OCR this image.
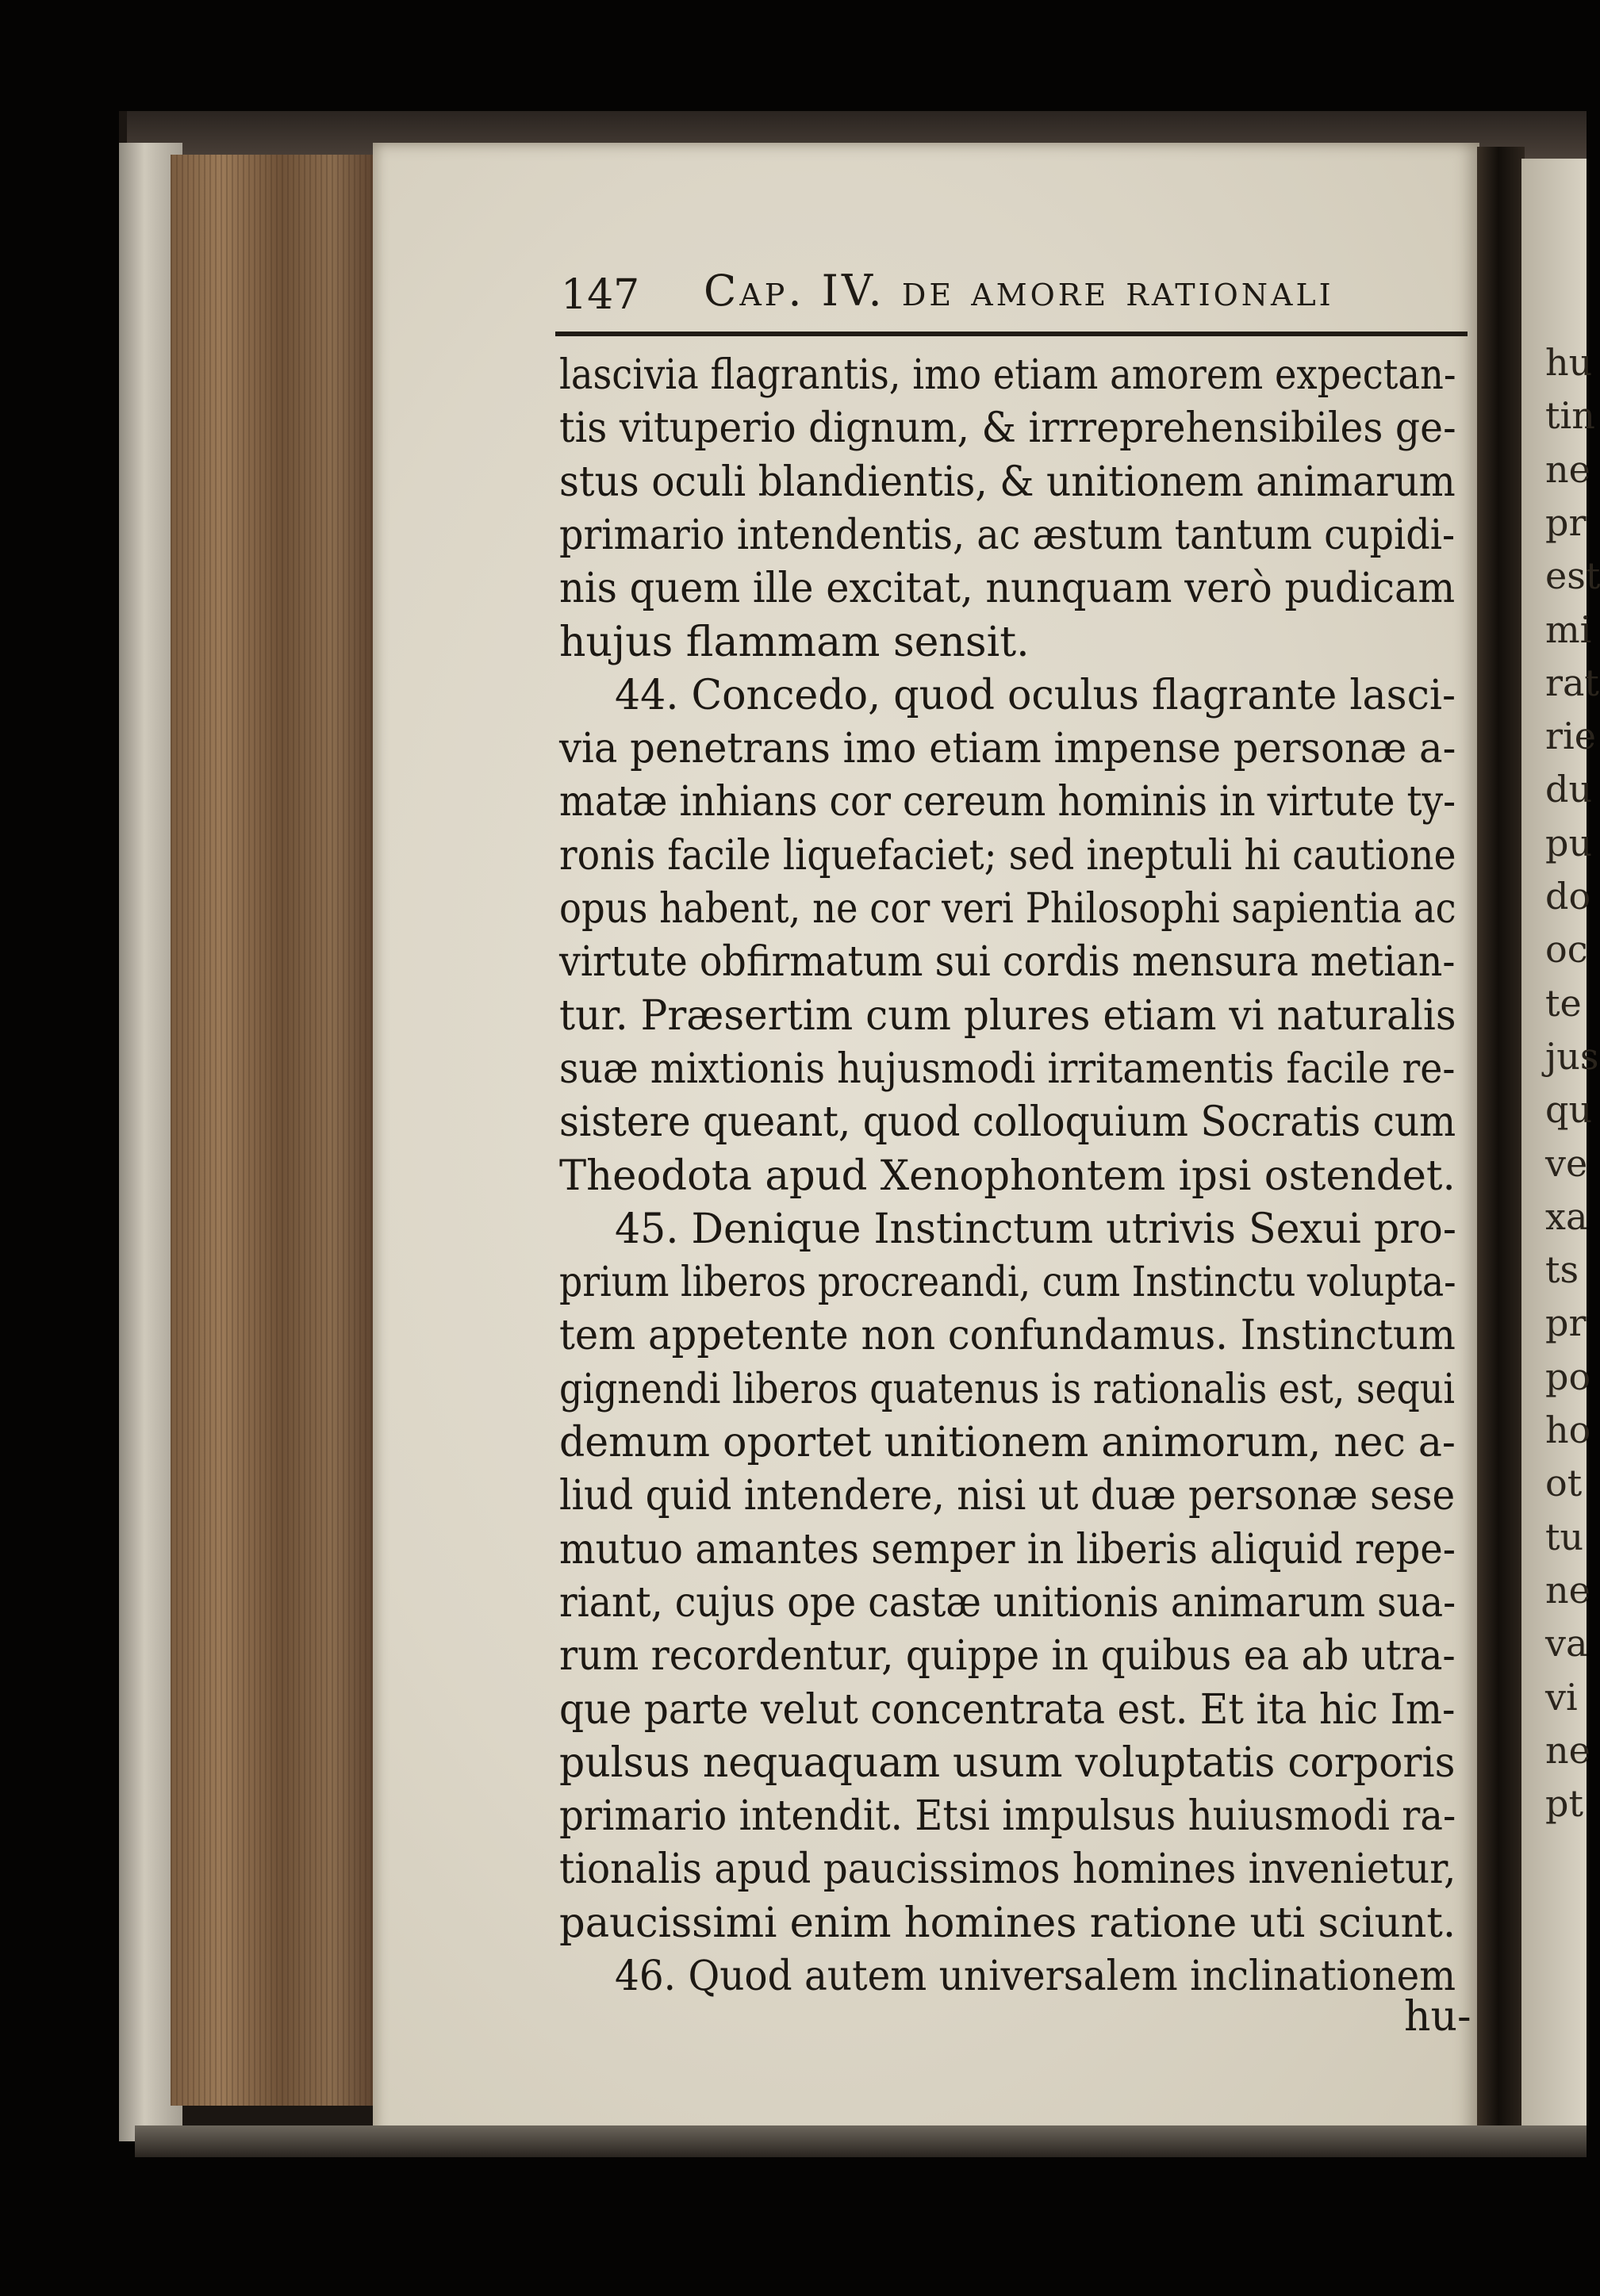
hu
tin
ne
pr
est
mi
rat
rie
du
pu
do
oc
te
jus
qu
ve
xa
ts
pr
po
ho
ot
tu
ne
va
vi
ne
pt
147 Cap. IV. de amore rationali
lascivia flagrantis, imo etiam amorem expectan-
tis vituperio dignum, & irrreprehensibiles ge-
stus oculi blandientis, & unitionem animarum
primario intendentis, ac æstum tantum cupidi-
nis quem ille excitat, nunquam verò pudicam
hujus flammam sensit.
44. Concedo, quod oculus flagrante lasci-
via penetrans imo etiam impense personæ a-
matæ inhians cor cereum hominis in virtute ty-
ronis facile liquefaciet; sed ineptuli hi cautione
opus habent, ne cor veri Philosophi sapientia ac
virtute obfirmatum sui cordis mensura metian-
tur. Præsertim cum plures etiam vi naturalis
suæ mixtionis hujusmodi irritamentis facile re-
sistere queant, quod colloquium Socratis cum
Theodota apud Xenophontem ipsi ostendet.
45. Denique Instinctum utrivis Sexui pro-
prium liberos procreandi, cum Instinctu volupta-
tem appetente non confundamus. Instinctum
gignendi liberos quatenus is rationalis est, sequi
demum oportet unitionem animorum, nec a-
liud quid intendere, nisi ut duæ personæ sese
mutuo amantes semper in liberis aliquid repe-
riant, cujus ope castæ unitionis animarum sua-
rum recordentur, quippe in quibus ea ab utra-
que parte velut concentrata est. Et ita hic Im-
pulsus nequaquam usum voluptatis corporis
primario intendit. Etsi impulsus huiusmodi ra-
tionalis apud paucissimos homines invenietur,
paucissimi enim homines ratione uti sciunt.
46. Quod autem universalem inclinationem
hu-
